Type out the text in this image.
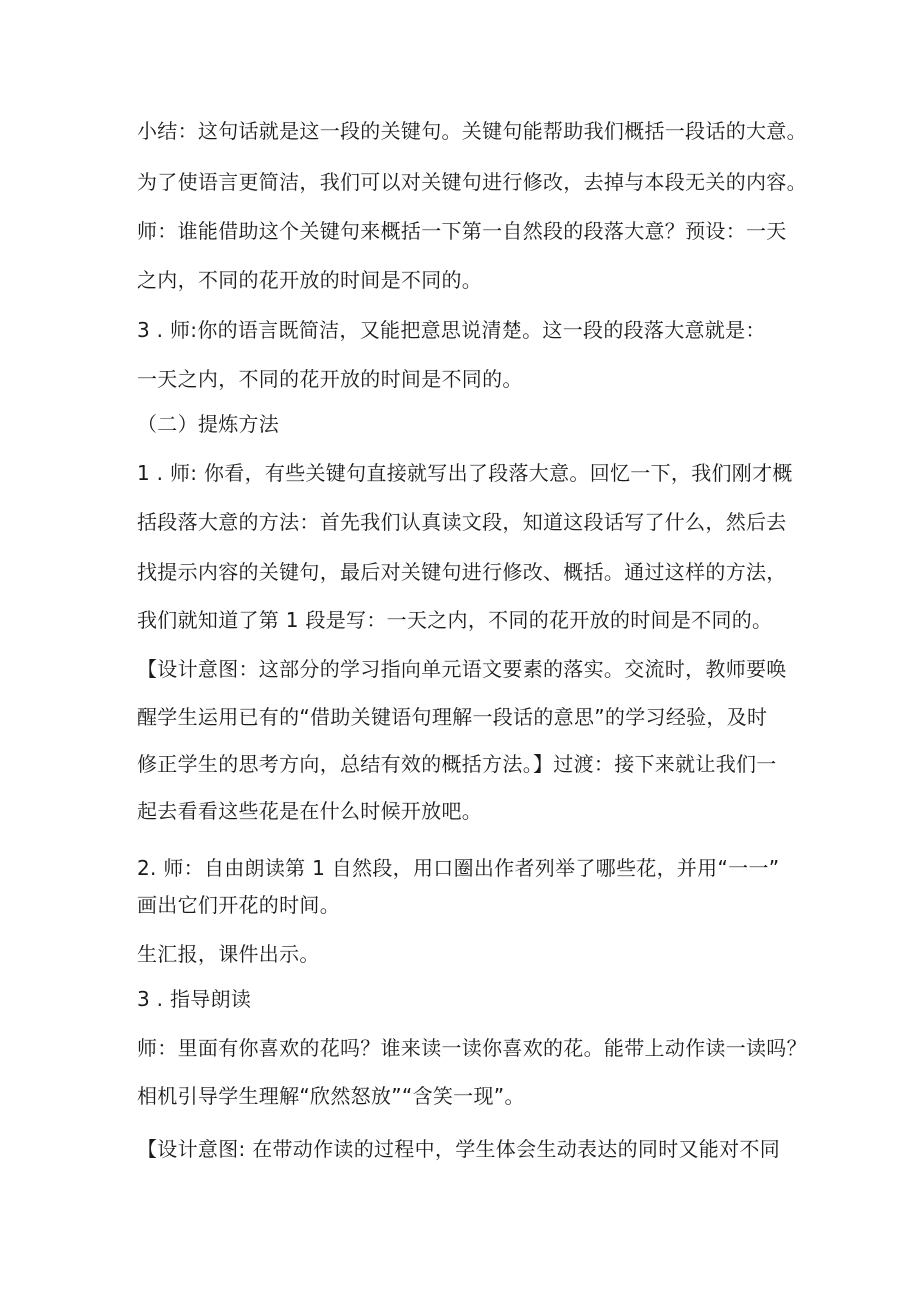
小结：这句话就是这一段的关键句。关键句能帮助我们概括一段话的大意。
为了使语言更简洁，我们可以对关键句进行修改，去掉与本段无关的内容。
师：谁能借助这个关键句来概括一下第一自然段的段落大意？预设：一天
之内，不同的花开放的时间是不同的。
3 . 师:你的语言既简洁，又能把意思说清楚。这一段的段落大意就是：
一天之内，不同的花开放的时间是不同的。
（二）提炼方法
1 . 师: 你看，有些关键句直接就写出了段落大意。回忆一下，我们刚才概
括段落大意的方法：首先我们认真读文段，知道这段话写了什么，然后去
找提示内容的关键句，最后对关键句进行修改、概括。通过这样的方法，
我们就知道了第 1 段是写：一天之内，不同的花开放的时间是不同的。
【设计意图：这部分的学习指向单元语文要素的落实。交流时，教师要唤
醒学生运用已有的“借助关键语句理解一段话的意思”的学习经验，及时
修正学生的思考方向，总结有效的概括方法。】过渡：接下来就让我们一
起去看看这些花是在什么时候开放吧。
2. 师：自由朗读第 1 自然段，用口圈出作者列举了哪些花，并用“一一”
画出它们开花的时间。
生汇报，课件出示。
3 . 指导朗读
师：里面有你喜欢的花吗？谁来读一读你喜欢的花。能带上动作读一读吗？
相机引导学生理解“欣然怒放”“含笑一现”。
【设计意图: 在带动作读的过程中，学生体会生动表达的同时又能对不同
